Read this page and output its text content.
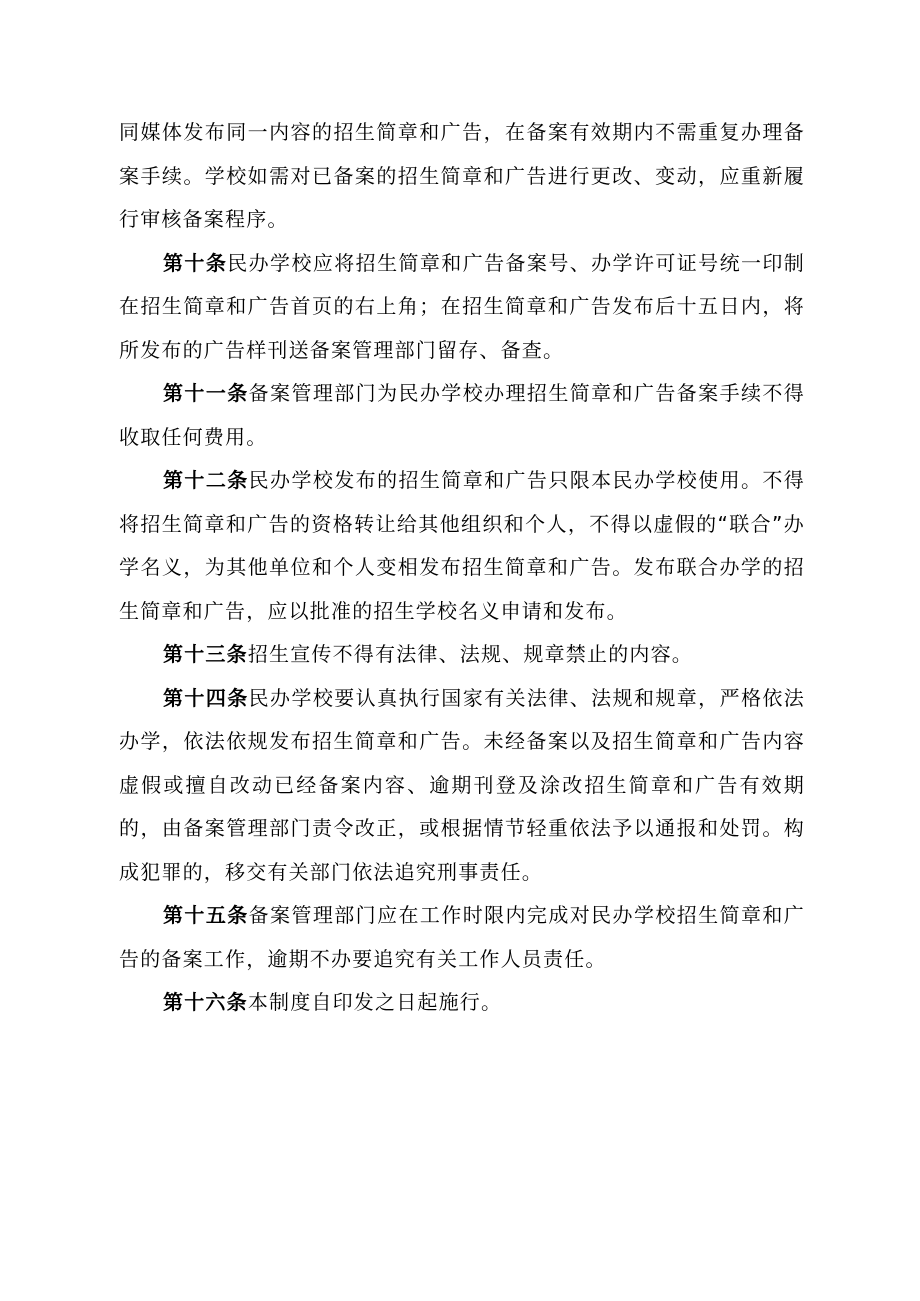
同媒体发布同一内容的招生简章和广告，在备案有效期内不需重复办理备案手续。学校如需对已备案的招生简章和广告进行更改、变动，应重新履行审核备案程序。

第十条民办学校应将招生简章和广告备案号、办学许可证号统一印制在招生简章和广告首页的右上角；在招生简章和广告发布后十五日内，将所发布的广告样刊送备案管理部门留存、备查。

第十一条备案管理部门为民办学校办理招生简章和广告备案手续不得收取任何费用。

第十二条民办学校发布的招生简章和广告只限本民办学校使用。不得将招生简章和广告的资格转让给其他组织和个人，不得以虚假的“联合”办学名义，为其他单位和个人变相发布招生简章和广告。发布联合办学的招生简章和广告，应以批准的招生学校名义申请和发布。

第十三条招生宣传不得有法律、法规、规章禁止的内容。

第十四条民办学校要认真执行国家有关法律、法规和规章，严格依法办学，依法依规发布招生简章和广告。未经备案以及招生简章和广告内容虚假或擅自改动已经备案内容、逾期刊登及涂改招生简章和广告有效期的，由备案管理部门责令改正，或根据情节轻重依法予以通报和处罚。构成犯罪的，移交有关部门依法追究刑事责任。

第十五条备案管理部门应在工作时限内完成对民办学校招生简章和广告的备案工作，逾期不办要追究有关工作人员责任。

第十六条本制度自印发之日起施行。
